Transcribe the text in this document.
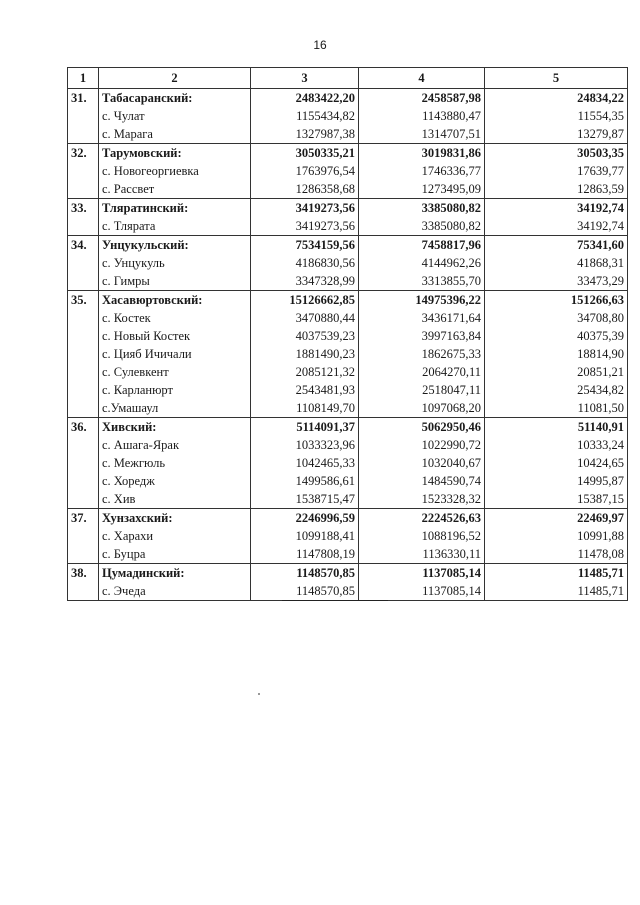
16
1	2	3	4	5
31.	Табасаранский:	2483422,20	2458587,98	24834,22
	с. Чулат	1155434,82	1143880,47	11554,35
	с. Марага	1327987,38	1314707,51	13279,87
32.	Тарумовский:	3050335,21	3019831,86	30503,35
	с. Новогеоргиевка	1763976,54	1746336,77	17639,77
	с. Рассвет	1286358,68	1273495,09	12863,59
33.	Тляратинский:	3419273,56	3385080,82	34192,74
	с. Тлярата	3419273,56	3385080,82	34192,74
34.	Унцукульский:	7534159,56	7458817,96	75341,60
	с. Унцукуль	4186830,56	4144962,26	41868,31
	с. Гимры	3347328,99	3313855,70	33473,29
35.	Хасавюртовский:	15126662,85	14975396,22	151266,63
	с. Костек	3470880,44	3436171,64	34708,80
	с. Новый Костек	4037539,23	3997163,84	40375,39
	с. Цияб Ичичали	1881490,23	1862675,33	18814,90
	с. Сулевкент	2085121,32	2064270,11	20851,21
	с. Карланюрт	2543481,93	2518047,11	25434,82
	с.Умашаул	1108149,70	1097068,20	11081,50
36.	Хивский:	5114091,37	5062950,46	51140,91
	с. Ашага-Ярак	1033323,96	1022990,72	10333,24
	с. Межгюль	1042465,33	1032040,67	10424,65
	с. Хоредж	1499586,61	1484590,74	14995,87
	с. Хив	1538715,47	1523328,32	15387,15
37.	Хунзахский:	2246996,59	2224526,63	22469,97
	с. Харахи	1099188,41	1088196,52	10991,88
	с. Буцра	1147808,19	1136330,11	11478,08
38.	Цумадинский:	1148570,85	1137085,14	11485,71
	с. Эчеда	1148570,85	1137085,14	11485,71
